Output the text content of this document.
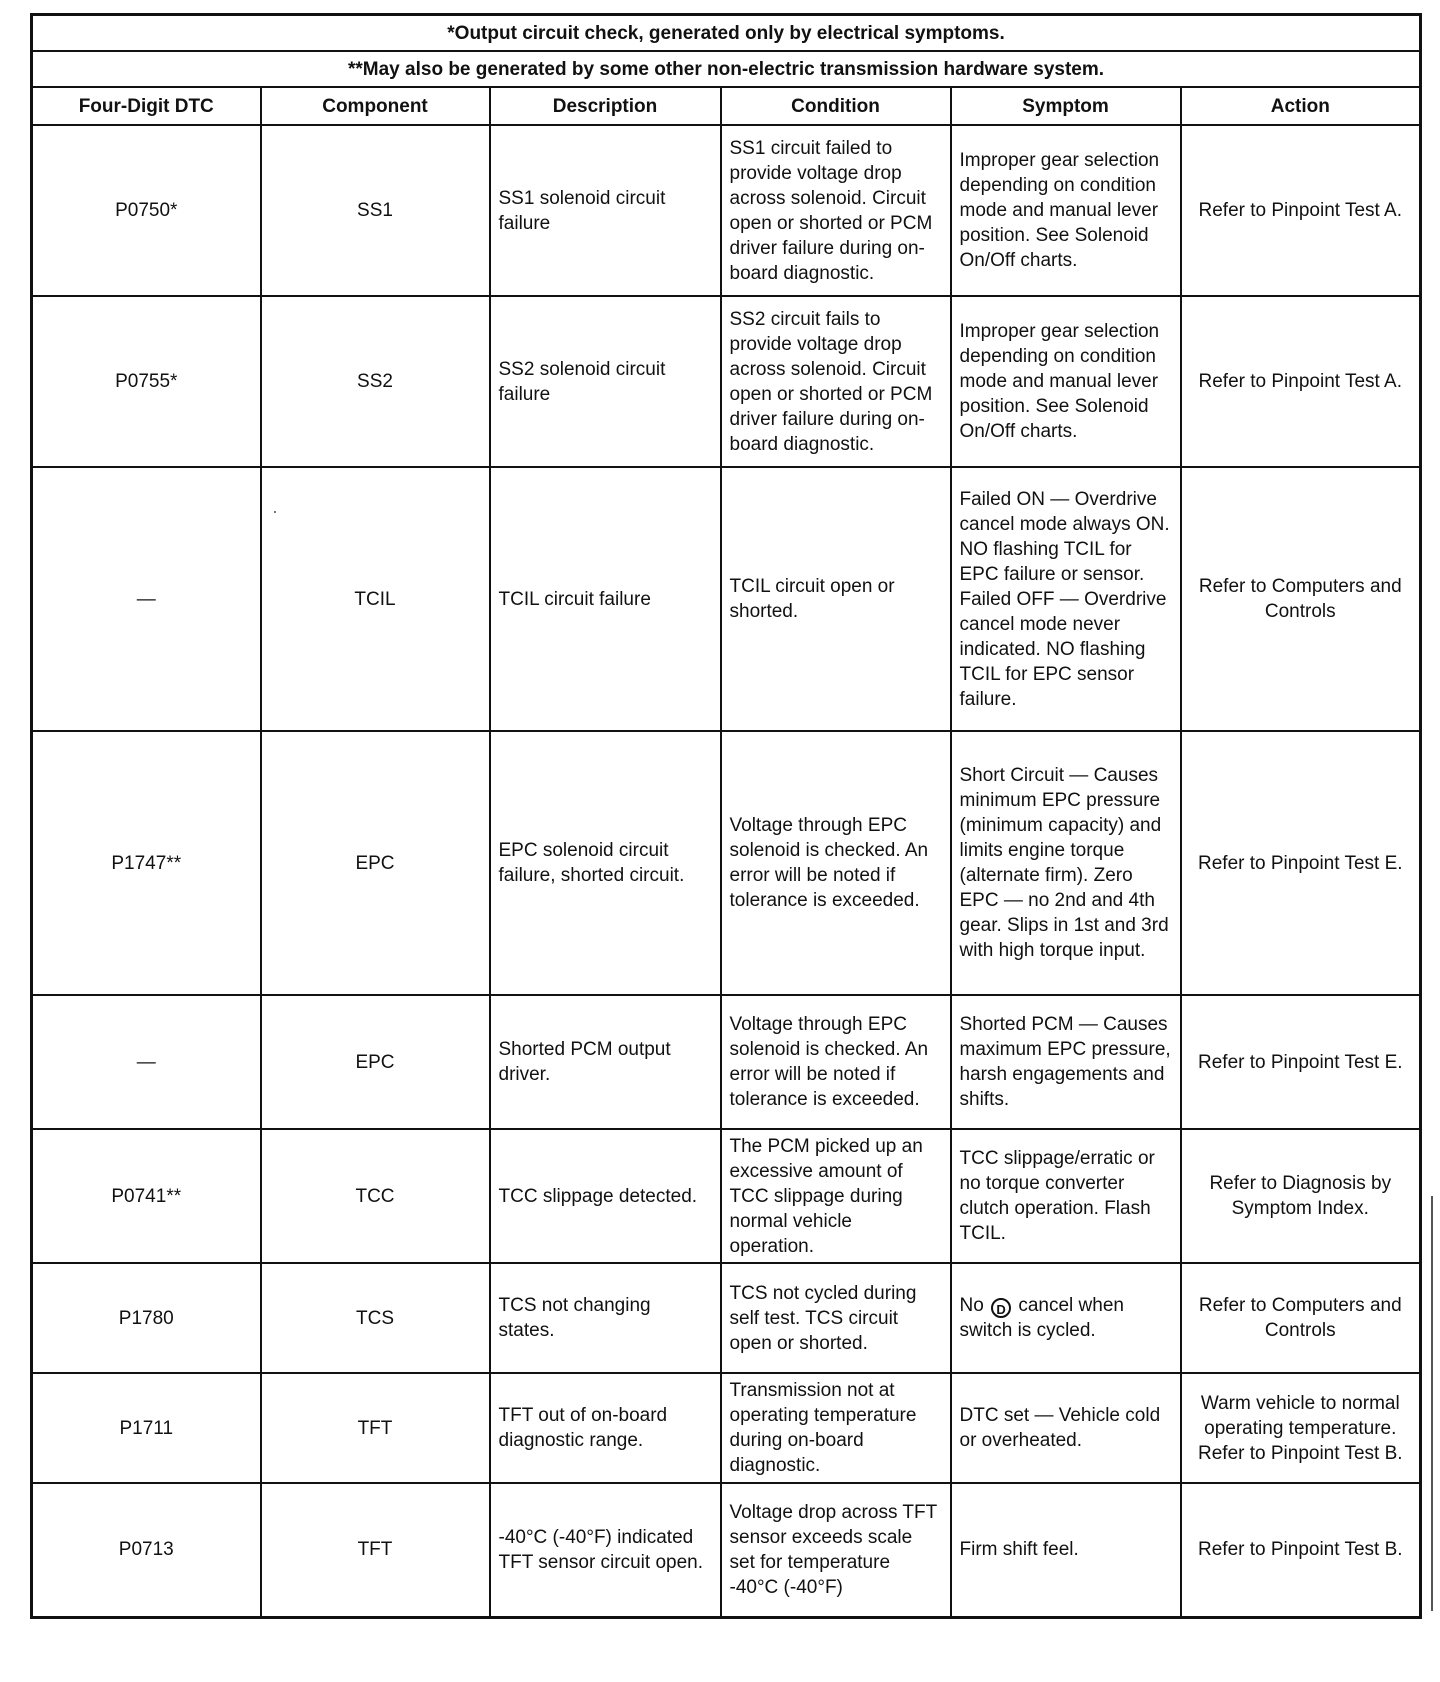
*Output circuit check, generated only by electrical symptoms.					
**May also be generated by some other non-electric transmission hardware system.					
Four-Digit DTC	Component	Description	Condition	Symptom	Action
P0750*	SS1	SS1 solenoid circuit failure	SS1 circuit failed to provide voltage drop across solenoid. Circuit open or shorted or PCM driver failure during on-board diagnostic.	Improper gear selection depending on condition mode and manual lever position. See Solenoid On/Off charts.	Refer to Pinpoint Test A.
P0755*	SS2	SS2 solenoid circuit failure	SS2 circuit fails to provide voltage drop across solenoid. Circuit open or shorted or PCM driver failure during on-board diagnostic.	Improper gear selection depending on condition mode and manual lever position. See Solenoid On/Off charts.	Refer to Pinpoint Test A.
—	TCIL	TCIL circuit failure	TCIL circuit open or shorted.	Failed ON — Overdrive cancel mode always ON. NO flashing TCIL for EPC failure or sensor. Failed OFF — Overdrive cancel mode never indicated. NO flashing TCIL for EPC sensor failure.	Refer to Computers and Controls
P1747**	EPC	EPC solenoid circuit failure, shorted circuit.	Voltage through EPC solenoid is checked. An error will be noted if tolerance is exceeded.	Short Circuit — Causes minimum EPC pressure (minimum capacity) and limits engine torque (alternate firm). Zero EPC — no 2nd and 4th gear. Slips in 1st and 3rd with high torque input.	Refer to Pinpoint Test E.
—	EPC	Shorted PCM output driver.	Voltage through EPC solenoid is checked. An error will be noted if tolerance is exceeded.	Shorted PCM — Causes maximum EPC pressure, harsh engagements and shifts.	Refer to Pinpoint Test E.
P0741**	TCC	TCC slippage detected.	The PCM picked up an excessive amount of TCC slippage during normal vehicle operation.	TCC slippage/erratic or no torque converter clutch operation. Flash TCIL.	Refer to Diagnosis by Symptom Index.
P1780	TCS	TCS not changing states.	TCS not cycled during self test. TCS circuit open or shorted.	No D cancel when switch is cycled.	Refer to Computers and Controls
P1711	TFT	TFT out of on-board diagnostic range.	Transmission not at operating temperature during on-board diagnostic.	DTC set — Vehicle cold or overheated.	Warm vehicle to normal operating temperature. Refer to Pinpoint Test B.
P0713	TFT	-40°C (-40°F) indicated TFT sensor circuit open.	Voltage drop across TFT sensor exceeds scale set for temperature -40°C (-40°F)	Firm shift feel.	Refer to Pinpoint Test B.
